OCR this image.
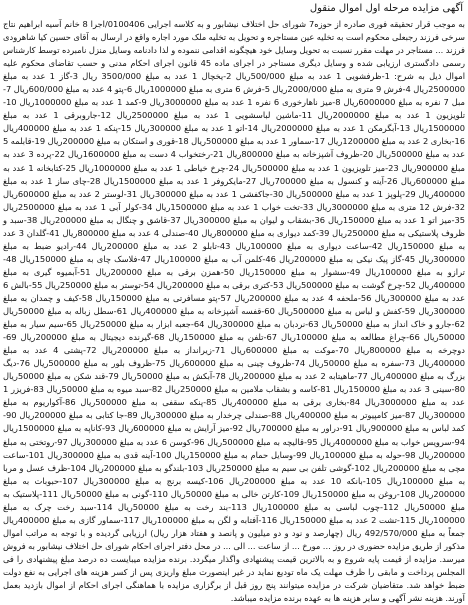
آگهی مزایده مرحله اول اموال منقول

به موجب قرار تحقیقه فوری صادره از حوزه7 شورای حل اختلاف نیشابور و به کلاسه اجرایی 0100406/اجرا 8 خانم آسیه ابراهیم نتاج سرخی فرزند رجبعلی محکوم است به تخلیه عین مستاجره و تحویل به تخلیه ملک مورد اجاره واقع در ارسال به آقای حسین کیا شاهرودی فرزند ... مستاجر در مهلت مقرر نسبت به تحویل وسایل خود هیچگونه اقدامی ننموده و لذا دادنامه وسایل منزل نامبرده توسط کارشناس رسمی دادگستری ارزیابی شده و وسایل دیگری مستاجر در اجرای ماده 45 قانون اجرای احکام مدنی و حسب تقاضای محکوم علیه اموال ذیل به شرح: 1-ظرفشویی 1 عدد به مبلغ 500/000ریال 2-یخچال 1 عدد به مبلغ 3500/000 ریال 3-گاز 1 عدد به مبلغ 2500000ریال 4-فرش 9 متری به مبلغ 2000/000ریال 5-فرش 6 متری به مبلغ 1000000ریال 6-پتو 4 عدد به مبلغ 600/000ریال 7-مبل 7 نفره به مبلغ 6000000ریال 8-میز ناهارخوری 6 نفره 1 عدد به مبلغ 3000000ریال 9-کمد 1 عدد به مبلغ 1000000ریال 10-تلویزیون 1 عدد به مبلغ 2000000ریال 11-ماشین لباسشویی 1 عدد به مبلغ 2500000ریال 12-جاروبرقی 1 عدد به مبلغ 1500000ریال 13-آبگرمکن 1 عدد به مبلغ 2000000ریال 14-اتو 1 عدد به مبلغ 300000ریال 15-پنکه 1 عدد به مبلغ 400000ریال 16-بخاری 2 عدد به مبلغ 1200000ریال 17-سماور 1 عدد به مبلغ 500000ریال 18-قوری و استکان به مبلغ 200000ریال 19-قابلمه 5 عدد به مبلغ 500000ریال 20-ظروف آشپزخانه به مبلغ 800000ریال 21-رختخواب 4 دست به مبلغ 1600000ریال 22-پرده 3 عدد به مبلغ 900000ریال 23-میز تلویزیون 1 عدد به مبلغ 500000ریال 24-چرخ خیاطی 1 عدد به مبلغ 1000000ریال 25-کتابخانه 1 عدد به مبلغ 600000ریال 26-آینه و کنسول به مبلغ 700000ریال 27-مایکروفر 1 عدد به مبلغ 1500000ریال 28-چای ساز 1 عدد به مبلغ 400000ریال 29-پلوپز 1 عدد به مبلغ 500000ریال 30-جاکفشی 1 عدد به مبلغ 300000ریال 31-لوستر 2 عدد به مبلغ 600000ریال 32-فرش 12 متری به مبلغ 3000000ریال 33-تخت خواب 1 عدد به مبلغ 1500000ریال 34-کولر آبی 1 عدد به مبلغ 2500000ریال 35-میز اتو 1 عدد به مبلغ 150000ریال 36-بشقاب و لیوان به مبلغ 300000ریال 37-قاشق و چنگال به مبلغ 200000ریال 38-سبد و ظروف پلاستیکی به مبلغ 250000ریال 39-کمد دیواری به مبلغ 800000ریال 40-صندلی 4 عدد به مبلغ 800000ریال 41-گلدان 3 عدد به مبلغ 150000ریال 42-ساعت دیواری به مبلغ 100000ریال 43-تابلو 2 عدد به مبلغ 200000ریال 44-رادیو ضبط به مبلغ 300000ریال 45-گاز پیک نیکی به مبلغ 200000ریال 46-کلمن آب به مبلغ 100000ریال 47-فلاسک چای به مبلغ 150000ریال 48-ترازو به مبلغ 100000ریال 49-سشوار به مبلغ 150000ریال 50-همزن برقی به مبلغ 200000ریال 51-آبمیوه گیری به مبلغ 400000ریال 52-چرخ گوشت به مبلغ 500000ریال 53-کتری برقی به مبلغ 200000ریال 54-توستر به مبلغ 250000ریال 55-بالش 6 عدد به مبلغ 300000ریال 56-ملحفه 4 عدد به مبلغ 200000ریال 57-پتو مسافرتی به مبلغ 150000ریال 58-کیف و چمدان به مبلغ 300000ریال 59-کفش و لباس به مبلغ 500000ریال 60-قفسه آشپزخانه به مبلغ 400000ریال 61-سطل زباله به مبلغ 50000ریال 62-جارو و خاک انداز به مبلغ 50000ریال 63-نردبان به مبلغ 300000ریال 64-جعبه ابزار به مبلغ 250000ریال 65-سیم سیار به مبلغ 50000ریال 66-چراغ مطالعه به مبلغ 100000ریال 67-تلفن به مبلغ 150000ریال 68-گیرنده دیجیتال به مبلغ 200000ریال 69-دوچرخه به مبلغ 800000ریال 70-موکت به مبلغ 600000ریال 71-زیرانداز به مبلغ 200000ریال 72-پشتی 4 عدد به مبلغ 400000ریال 73-سفره به مبلغ 50000ریال 74-ظروف چینی به مبلغ 600000ریال 75-ظروف بلور به مبلغ 500000ریال 76-دیگ بزرگ به مبلغ 400000ریال 77-ماهیتابه 2 عدد به مبلغ 200000ریال 78-آبکش به مبلغ 50000ریال 79-قند شکن به مبلغ 50000ریال 80-سینی 3 عدد به مبلغ 150000ریال 81-کاسه و بشقاب ملامین به مبلغ 250000ریال 82-سبد میوه به مبلغ 50000ریال 83-فریزر 1 عدد به مبلغ 3000000ریال 84-بخاری برقی به مبلغ 400000ریال 85-پنکه سقفی به مبلغ 500000ریال 86-آکواریوم به مبلغ 300000ریال 87-میز کامپیوتر به مبلغ 400000ریال 88-صندلی چرخدار به مبلغ 300000ریال 89-جا کتابی به مبلغ 200000ریال 90-کمد لباس به مبلغ 900000ریال 91-دراور به مبلغ 700000ریال 92-میز آرایش به مبلغ 600000ریال 93-کاناپه به مبلغ 1500000ریال 94-سرویس خواب به مبلغ 4000000ریال 95-قالیچه به مبلغ 500000ریال 96-کوسن 6 عدد به مبلغ 300000ریال 97-روتختی به مبلغ 200000ریال 98-حوله به مبلغ 100000ریال 99-وسایل حمام به مبلغ 150000ریال 100-آینه قدی به مبلغ 300000ریال 101-ساعت مچی به مبلغ 200000ریال 102-گوشی تلفن بی سیم به مبلغ 250000ریال 103-بلندگو به مبلغ 200000ریال 104-ظرف عسل و مربا به مبلغ 100000ریال 105-بانکه 10 عدد به مبلغ 200000ریال 106-کیسه برنج به مبلغ 300000ریال 107-حبوبات به مبلغ 200000ریال 108-روغن به مبلغ 150000ریال 109-کارتن خالی به مبلغ 50000ریال 110-گونی به مبلغ 50000ریال 111-پلاستیک به مبلغ 50000ریال 112-چوب لباسی به مبلغ 100000ریال 113-بند رخت به مبلغ 50000ریال 114-سبد رخت چرک به مبلغ 100000ریال 115-تشت 2 عدد به مبلغ 150000ریال 116-آفتابه و لگن به مبلغ 100000ریال 117-سماور گازی به مبلغ 400000ریال جمعاً به مبلغ 492/570/000 ریال (چهارصد و نود و دو میلیون و پانصد و هفتاد هزار ریال) ارزیابی گردیده و با توجه به مراتب اموال مذکور از طریق مزایده حضوری در روز ... مورخ ... از ساعت ... الی ... در محل دفتر اجرای احکام شورای حل اختلاف نیشابور به فروش میرسد. مزایده از قیمت پایه شروع و به بالاترین قیمت پیشنهادی واگذار میگردد. برنده مزایده میبایست ده درصد مبلغ پیشنهادی را فی المجلس پرداخت و مابقی را ظرف مهلت یک ماه تودیع نماید در غیر اینصورت مبلغ واریزی پس از کسر هزینه های اجرایی به نفع دولت ضبط خواهد شد. متقاضیان شرکت در مزایده میتوانند پنج روز قبل از برگزاری مزایده با هماهنگی اجرای احکام از اموال بازدید بعمل آورند. هزینه نشر آگهی و سایر هزینه ها به عهده برنده مزایده میباشد.
